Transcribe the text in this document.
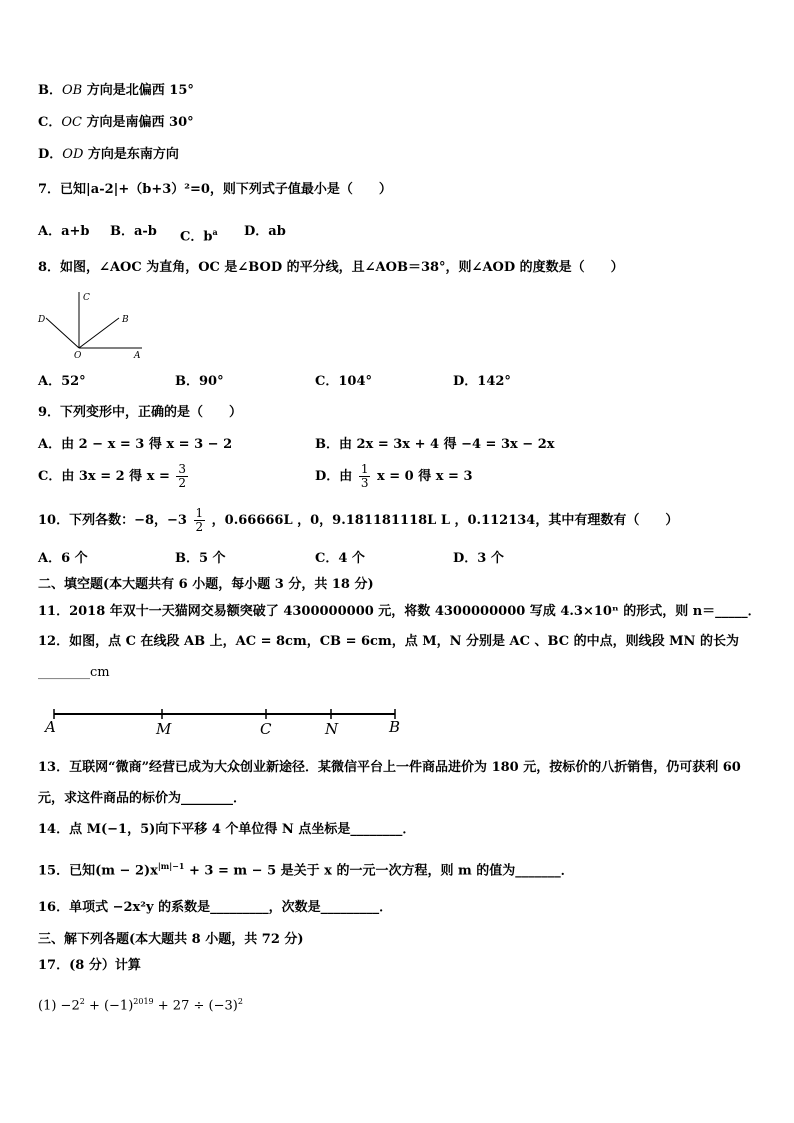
B．OB 方向是北偏西 15°
C．OC 方向是南偏西 30°
D．OD 方向是东南方向
7．已知|a-2|+（b+3）²=0，则下列式子值最小是（　　）
A．a+b B．a-b C．$b^a$ D．ab
8．如图，∠AOC 为直角，OC 是∠BOD 的平分线，且∠AOB＝38°，则∠AOD 的度数是（　　）
C
D	B
O	A
A．52°	B．90°	C．104°	D．142°
9．下列变形中，正确的是（　　）
A．由 2 − x = 3 得 x = 3 − 2	B．由 2x = 3x + 4 得 −4 = 3x − 2x
C．由 3x = 2 得 $x = \frac{3}{2}$	D．由 $\frac{1}{3}$ x = 0 得 x = 3
10．下列各数：−8，$-3 \frac{1}{2}$ ，0.66666L ，0，9.181181118L L ，0.112134，其中有理数有（　　）
A．6 个	B．5 个	C．4 个	D．3 个
二、填空题(本大题共有 6 小题，每小题 3 分，共 18 分)
11．2018 年双十一天猫网交易额突破了 4300000000 元，将数 4300000000 写成 4.3×10ⁿ 的形式，则 n＝_____．
12．如图，点 C 在线段 AB 上，AC = 8cm，CB = 6cm，点 M，N 分别是 AC 、BC 的中点，则线段 MN 的长为
________cm
A	M	C	N	B
13．互联网“微商”经营已成为大众创业新途径．某微信平台上一件商品进价为 180 元，按标价的八折销售，仍可获利 60
元，求这件商品的标价为________．
14．点 M(−1，5)向下平移 4 个单位得 N 点坐标是________．
15．已知$(m - 2)x^{|m|-1} + 3 = m - 5$ 是关于 x 的一元一次方程，则 m 的值为_______．
16．单项式 −2x²y 的系数是_________，次数是_________．
三、解下列各题(本大题共 8 小题，共 72 分)
17．(8 分）计算
$(1) -2^2 + (-1)^{2019} + 27 \div (-3)^2$
